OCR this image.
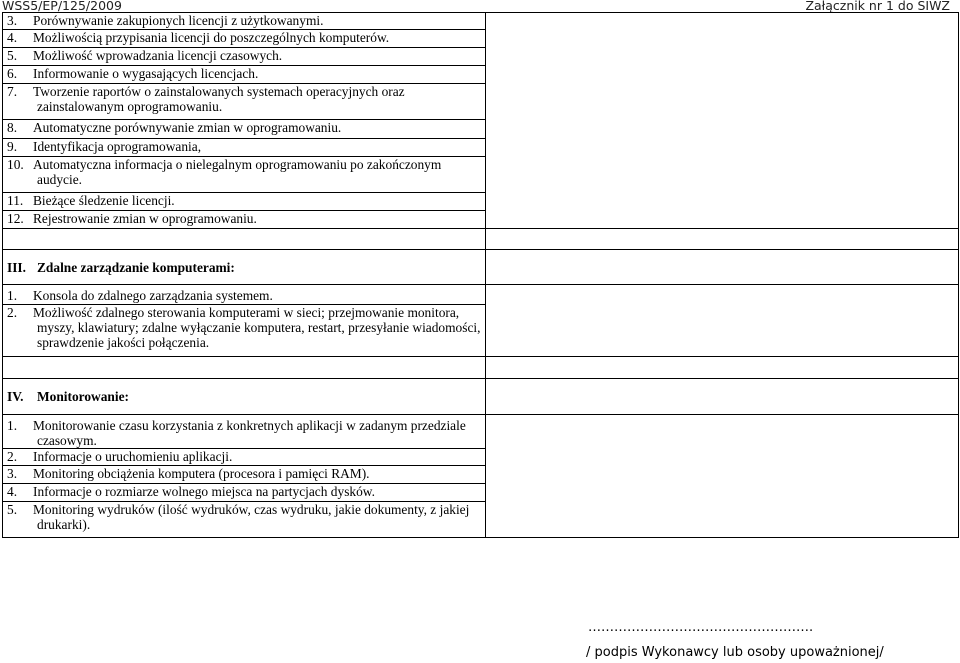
WSS5/EP/125/2009	Załącznik nr 1 do SIWZ
3. Porównywanie zakupionych licencji z użytkowanymi.	
4. Możliwością przypisania licencji do poszczególnych komputerów.	
5. Możliwość wprowadzania licencji czasowych.	
6. Informowanie o wygasających licencjach.	

7. Tworzenie raportów o zainstalowanych systemach operacyjnych oraz zainstalowanym oprogramowaniu.	

8. Automatyczne porównywanie zmian w oprogramowaniu.	
9. Identyfikacja oprogramowania,	

10. Automatyczna informacja o nielegalnym oprogramowaniu po zakończonym audycie.	

11. Bieżące śledzenie licencji.	
12. Rejestrowanie zmian w oprogramowaniu.	

III. Zdalne zarządzanie komputerami:	
1. Konsola do zdalnego zarządzania systemem.	

2. Możliwość zdalnego sterowania komputerami w sieci; przejmowanie monitora, myszy, klawiatury; zdalne wyłączanie komputera, restart, przesyłanie wiadomości, sprawdzenie jakości połączenia.	

IV. Monitorowanie:	

1. Monitorowanie czasu korzystania z konkretnych aplikacji w zadanym przedziale czasowym.	

2. Informacje o uruchomieniu aplikacji.	
3. Monitoring obciążenia komputera (procesora i pamięci RAM).	
4. Informacje o rozmiarze wolnego miejsca na partycjach dysków.	

5. Monitoring wydruków (ilość wydruków, czas wydruku, jakie dokumenty, z jakiej drukarki).	
…………………………………………….
/ podpis Wykonawcy lub osoby upoważnionej/
